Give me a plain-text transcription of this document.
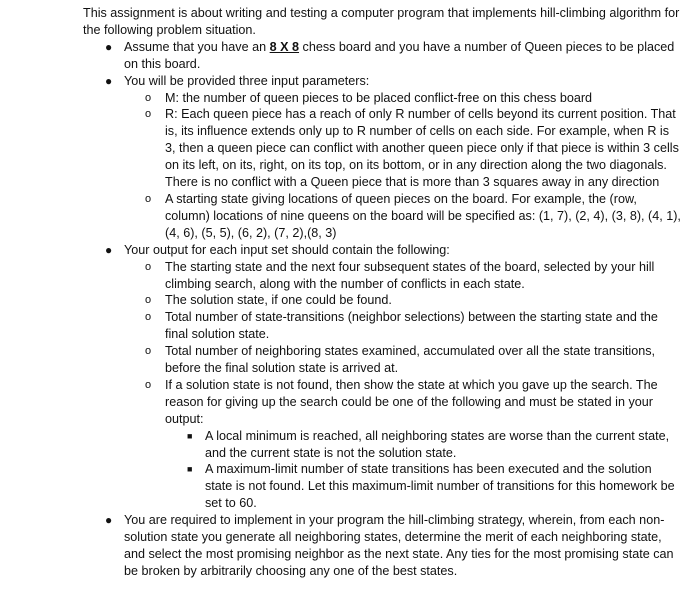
This assignment is about writing and testing a computer program that implements hill-climbing algorithm for the following problem situation.
● Assume that you have an 8 X 8 chess board and you have a number of Queen pieces to be placed on this board.
● You will be provided three input parameters:
o M: the number of queen pieces to be placed conflict-free on this chess board
o R: Each queen piece has a reach of only R number of cells beyond its current position. That is, its influence extends only up to R number of cells on each side. For example, when R is 3, then a queen piece can conflict with another queen piece only if that piece is within 3 cells on its left, on its, right, on its top, on its bottom, or in any direction along the two diagonals. There is no conflict with a Queen piece that is more than 3 squares away in any direction
o A starting state giving locations of queen pieces on the board. For example, the (row, column) locations of nine queens on the board will be specified as: (1, 7), (2, 4), (3, 8), (4, 1), (4, 6), (5, 5), (6, 2), (7, 2),(8, 3)
● Your output for each input set should contain the following:
o The starting state and the next four subsequent states of the board, selected by your hill climbing search, along with the number of conflicts in each state.
o The solution state, if one could be found.
o Total number of state-transitions (neighbor selections) between the starting state and the final solution state.
o Total number of neighboring states examined, accumulated over all the state transitions, before the final solution state is arrived at.
o If a solution state is not found, then show the state at which you gave up the search. The reason for giving up the search could be one of the following and must be stated in your output:
■ A local minimum is reached, all neighboring states are worse than the current state, and the current state is not the solution state.
■ A maximum-limit number of state transitions has been executed and the solution state is not found. Let this maximum-limit number of transitions for this homework be set to 60.
● You are required to implement in your program the hill-climbing strategy, wherein, from each non-solution state you generate all neighboring states, determine the merit of each neighboring state, and select the most promising neighbor as the next state. Any ties for the most promising state can be broken by arbitrarily choosing any one of the best states.
